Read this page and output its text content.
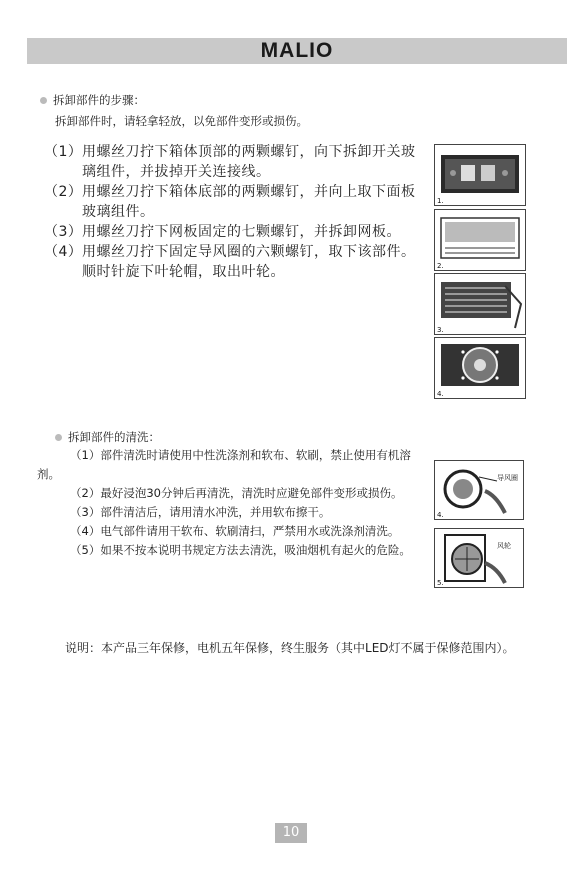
MALIO
拆卸部件的步骤：
拆卸部件时，请轻拿轻放，以免部件变形或损伤。
（1） 用螺丝刀拧下箱体顶部的两颗螺钉，向下拆卸开关玻璃组件，并拔掉开关连接线。
（2） 用螺丝刀拧下箱体底部的两颗螺钉，并向上取下面板玻璃组件。
（3） 用螺丝刀拧下网板固定的七颗螺钉，并拆卸网板。
（4） 用螺丝刀拧下固定导风圈的六颗螺钉，取下该部件。顺时针旋下叶轮帽，取出叶轮。
1.
2.
3.
4.
拆卸部件的清洗：

（1）部件清洗时请使用中性洗涤剂和软布、软刷，禁止使用有机溶剂。

（2）最好浸泡30分钟后再清洗，清洗时应避免部件变形或损伤。

（3）部件清洁后，请用清水冲洗，并用软布擦干。

（4）电气部件请用干软布、软刷清扫，严禁用水或洗涤剂清洗。

（5）如果不按本说明书规定方法去清洗，吸油烟机有起火的危险。

导风圈
4.
风轮
5.
说明：本产品三年保修，电机五年保修，终生服务（其中LED灯不属于保修范围内）。
10
